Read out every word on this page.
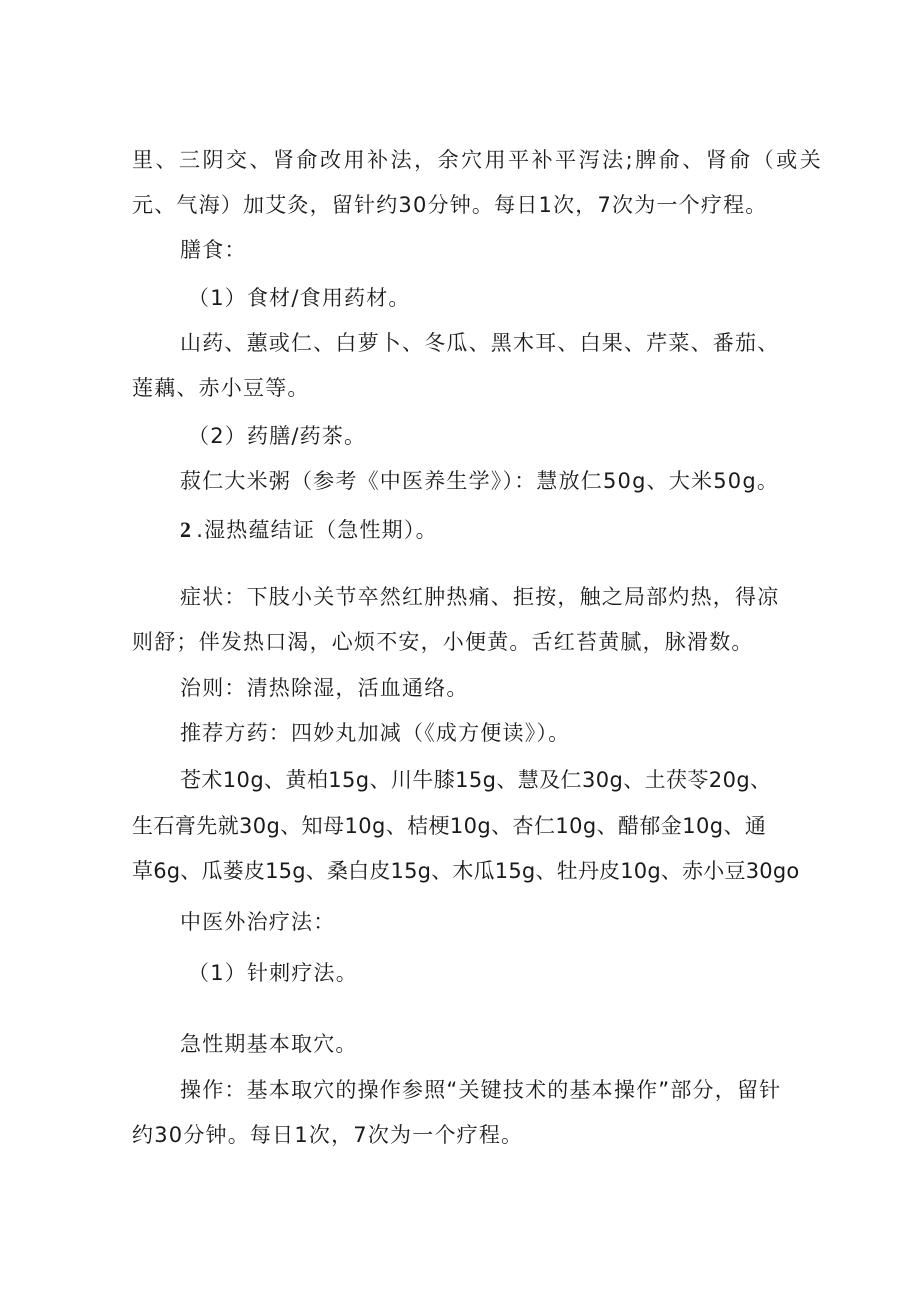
里、三阴交、肾俞改用补法，余穴用平补平泻法;脾俞、肾俞（或关
元、气海）加艾灸，留针约30分钟。每日1次，7次为一个疗程。
膳食：
（1）食材/食用药材。
山药、蕙或仁、白萝卜、冬瓜、黑木耳、白果、芹菜、番茄、
莲藕、赤小豆等。
（2）药膳/药茶。
菽仁大米粥（参考《中医养生学》）：慧放仁50g、大米50g。
2 .湿热蕴结证（急性期）。
症状：下肢小关节卒然红肿热痛、拒按，触之局部灼热，得凉
则舒；伴发热口渴，心烦不安，小便黄。舌红苔黄腻，脉滑数。
治则：清热除湿，活血通络。
推荐方药：四妙丸加减（《成方便读》）。
苍术10g、黄柏15g、川牛膝15g、慧及仁30g、土茯苓20g、
生石膏先就30g、知母10g、桔梗10g、杏仁10g、醋郁金10g、通
草6g、瓜蒌皮15g、桑白皮15g、木瓜15g、牡丹皮10g、赤小豆30go
中医外治疗法：
（1）针刺疗法。
急性期基本取穴。
操作：基本取穴的操作参照“关键技术的基本操作”部分，留针
约30分钟。每日1次，7次为一个疗程。
